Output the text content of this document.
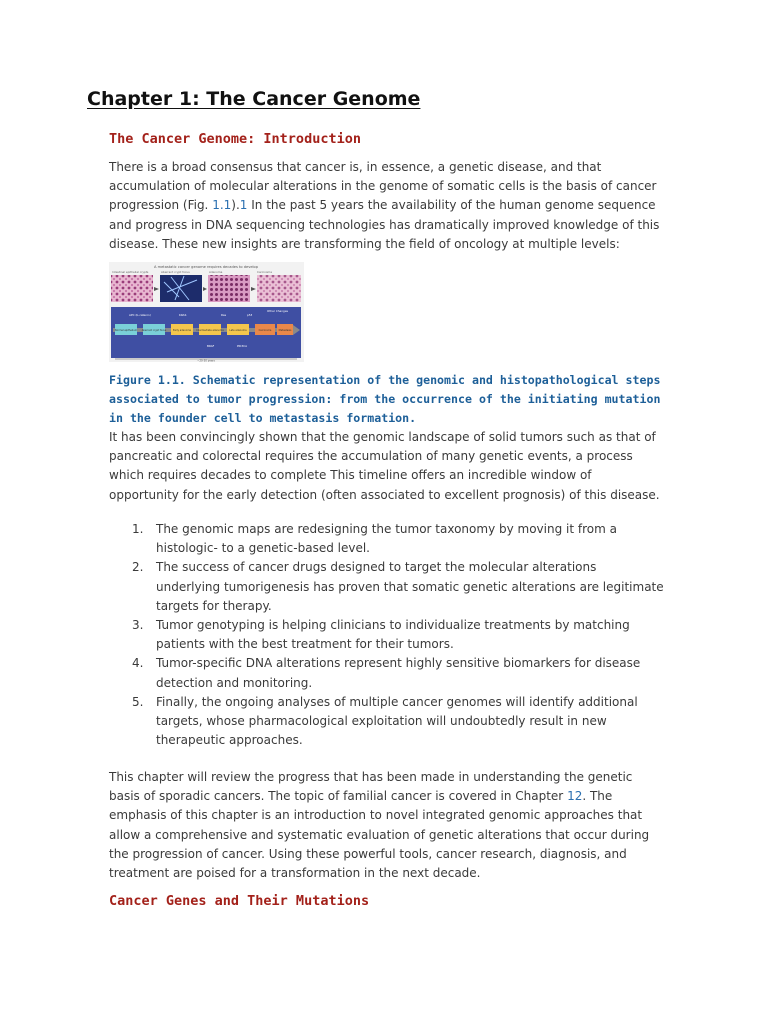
Chapter 1: The Cancer Genome
The Cancer Genome: Introduction

There is a broad consensus that cancer is, in essence, a genetic disease, and that accumulation of molecular alterations in the genome of somatic cells is the basis of cancer progression (Fig. 1.1).1 In the past 5 years the availability of the human genome sequence and progress in DNA sequencing technologies has dramatically improved knowledge of this disease. These new insights are transforming the field of oncology at multiple levels:

A metastatic cancer genome requires decades to develop
Intestinal epithelial crypts	Aberrant crypt focus	Adenoma	Carcinoma
APC (b-catenin)	KRAS	Ras	p53
Other Changes
Normal epithelium Aberrant crypt focus	Early adenoma Intermediate adenoma Late adenoma	Carcinoma	Metastasis
BRAF	PIK3CA
~20-30 years

Figure 1.1. Schematic representation of the genomic and histopathological steps associated to tumor progression: from the occurrence of the initiating mutation in the founder cell to metastasis formation.

It has been convincingly shown that the genomic landscape of solid tumors such as that of pancreatic and colorectal requires the accumulation of many genetic events, a process which requires decades to complete This timeline offers an incredible window of opportunity for the early detection (often associated to excellent prognosis) of this disease.

1. The genomic maps are redesigning the tumor taxonomy by moving it from a histologic- to a genetic-based level.
2. The success of cancer drugs designed to target the molecular alterations underlying tumorigenesis has proven that somatic genetic alterations are legitimate targets for therapy.
3. Tumor genotyping is helping clinicians to individualize treatments by matching patients with the best treatment for their tumors.
4. Tumor-specific DNA alterations represent highly sensitive biomarkers for disease detection and monitoring.
5. Finally, the ongoing analyses of multiple cancer genomes will identify additional targets, whose pharmacological exploitation will undoubtedly result in new therapeutic approaches.

This chapter will review the progress that has been made in understanding the genetic basis of sporadic cancers. The topic of familial cancer is covered in Chapter 12. The emphasis of this chapter is an introduction to novel integrated genomic approaches that allow a comprehensive and systematic evaluation of genetic alterations that occur during the progression of cancer. Using these powerful tools, cancer research, diagnosis, and treatment are poised for a transformation in the next decade.

Cancer Genes and Their Mutations
